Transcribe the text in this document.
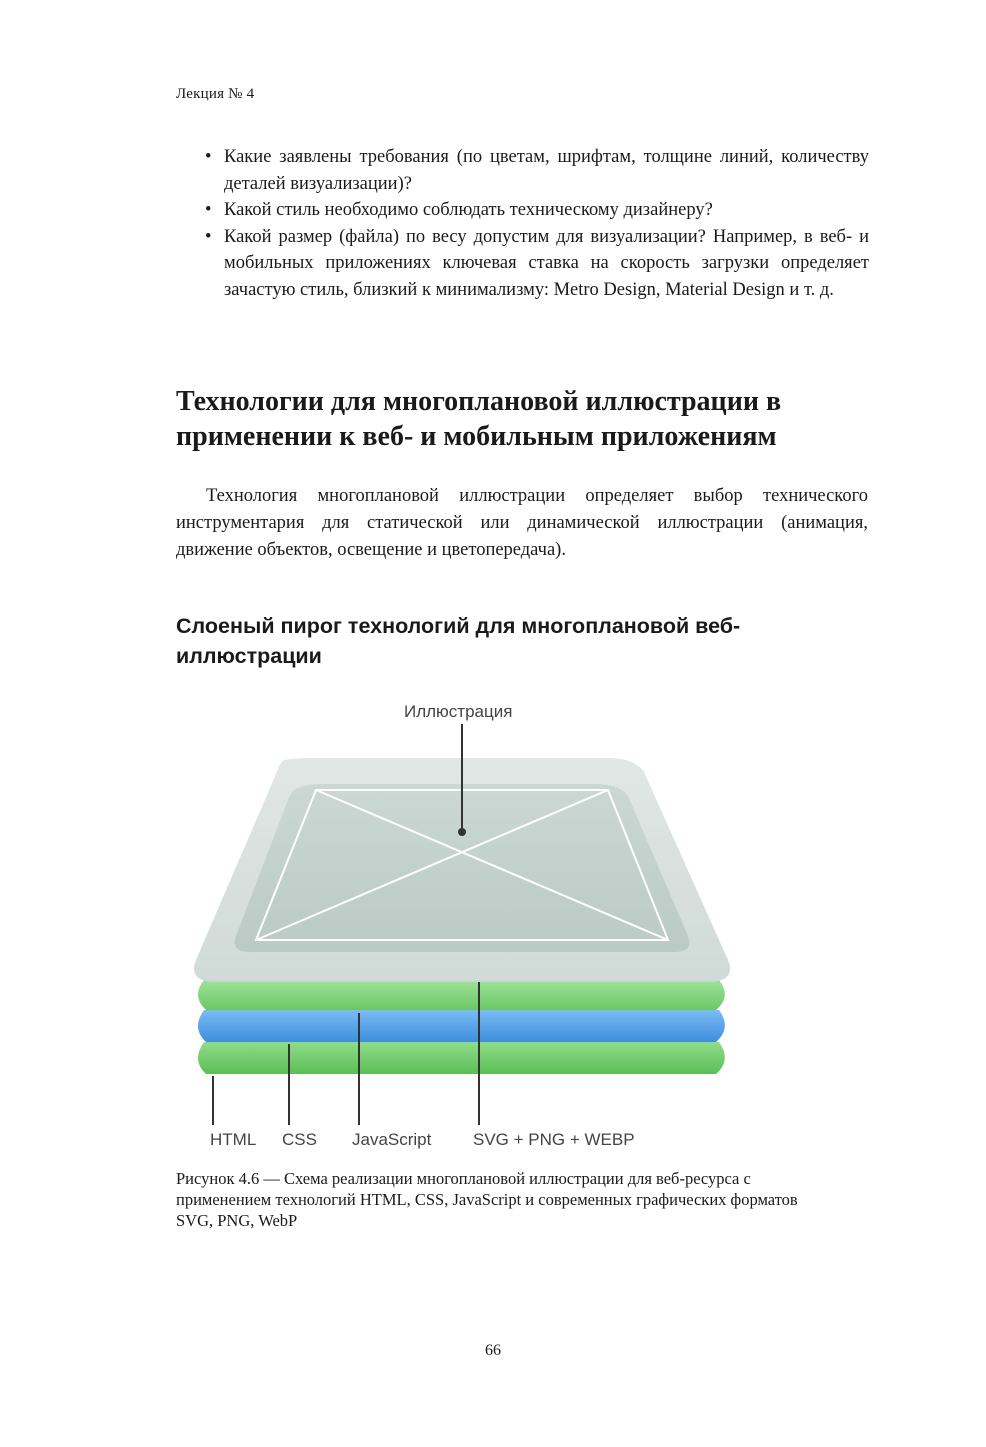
Лекция № 4
• Какие заявлены требования (по цветам, шрифтам, толщине линий, количеству деталей визуализации)?
• Какой стиль необходимо соблюдать техническому дизайнеру?
• Какой размер (файла) по весу допустим для визуализации? Например, в веб- и мобильных приложениях ключевая ставка на скорость загрузки определяет зачастую стиль, близкий к минимализму: Metro Design, Material Design и т. д.
Технологии для многоплановой иллюстрации в применении к веб- и мобильным приложениям

Технология многоплановой иллюстрации определяет выбор технического инструментария для статической или динамической иллюстрации (анимация, движение объектов, освещение и цветопередача).

Слоеный пирог технологий для многоплановой веб-иллюстрации
Иллюстрация
HTML CSS JavaScript SVG + PNG + WEBP

Рисунок 4.6 — Схема реализации многоплановой иллюстрации для веб-ресурса с применением технологий HTML, CSS, JavaScript и современных графических форматов SVG, PNG, WebP

66
